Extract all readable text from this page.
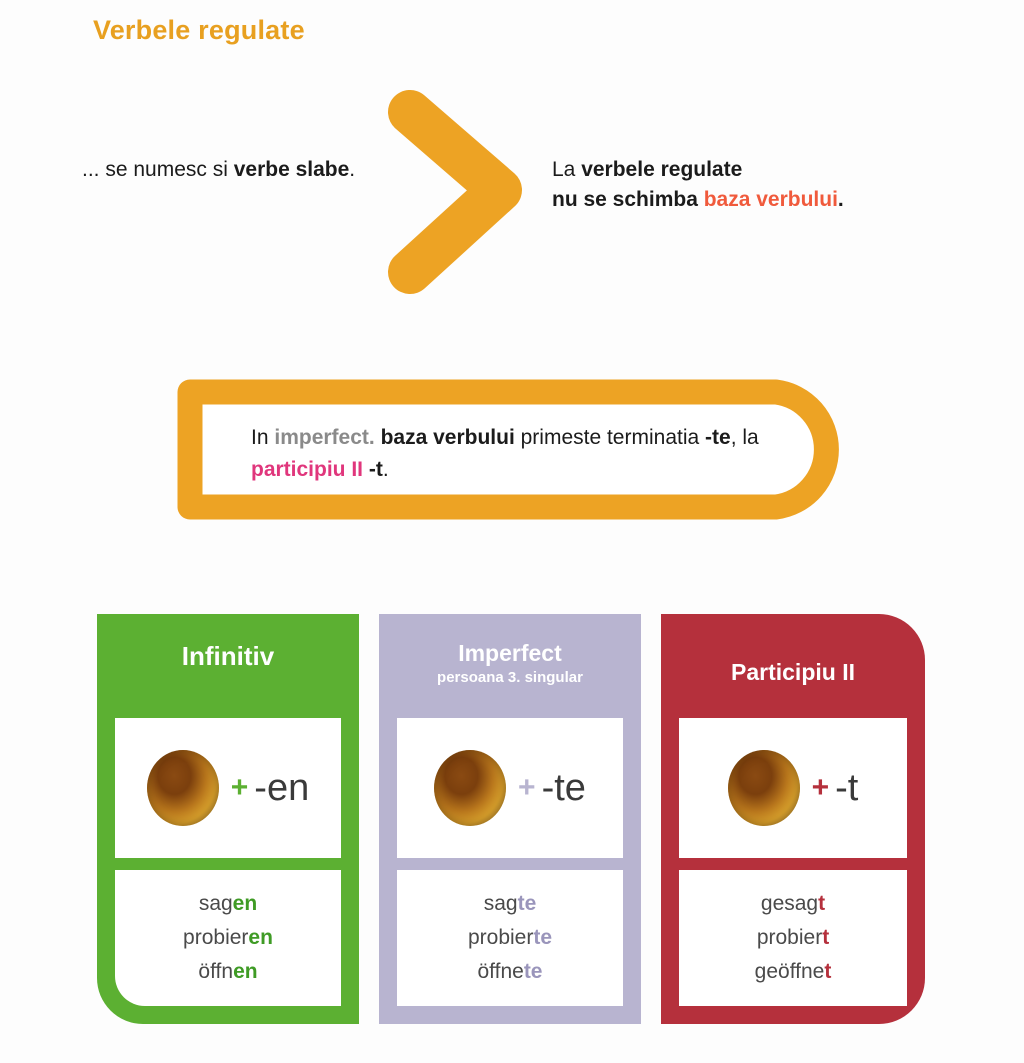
Verbele regulate
... se numesc si verbe slabe.	La verbele regulate
nu se schimba baza verbului.
In imperfect. baza verbului primeste terminatia -te, la participiu II -t.
Infinitiv
+ -en
sagen
probieren
öffnen
Imperfect
persoana 3. singular
+ -te
sagte
probierte
öffnete
Participiu II
+ -t
gesagt
probiert
geöffnet
